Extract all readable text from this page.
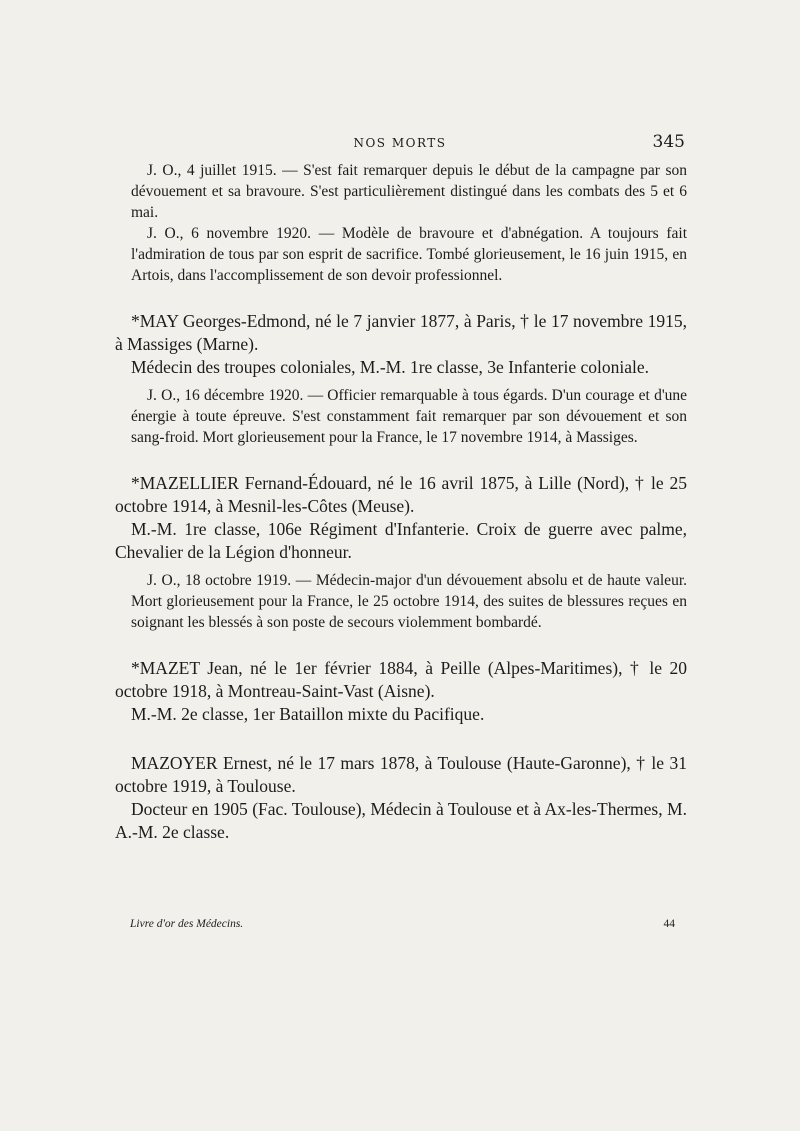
NOS MORTS	345

J. O., 4 juillet 1915. — S'est fait remarquer depuis le début de la campagne par son dévouement et sa bravoure. S'est particulièrement distingué dans les combats des 5 et 6 mai.

J. O., 6 novembre 1920. — Modèle de bravoure et d'abnégation. A toujours fait l'admiration de tous par son esprit de sacrifice. Tombé glorieusement, le 16 juin 1915, en Artois, dans l'accomplissement de son devoir professionnel.

*MAY Georges-Edmond, né le 7 janvier 1877, à Paris, † le 17 novembre 1915, à Massiges (Marne).

Médecin des troupes coloniales, M.-M. 1re classe, 3e Infanterie coloniale.

J. O., 16 décembre 1920. — Officier remarquable à tous égards. D'un courage et d'une énergie à toute épreuve. S'est constamment fait remarquer par son dévouement et son sang-froid. Mort glorieusement pour la France, le 17 novembre 1914, à Massiges.

*MAZELLIER Fernand-Édouard, né le 16 avril 1875, à Lille (Nord), † le 25 octobre 1914, à Mesnil-les-Côtes (Meuse).

M.-M. 1re classe, 106e Régiment d'Infanterie. Croix de guerre avec palme, Chevalier de la Légion d'honneur.

J. O., 18 octobre 1919. — Médecin-major d'un dévouement absolu et de haute valeur. Mort glorieusement pour la France, le 25 octobre 1914, des suites de blessures reçues en soignant les blessés à son poste de secours violemment bombardé.

*MAZET Jean, né le 1er février 1884, à Peille (Alpes-Maritimes), † le 20 octobre 1918, à Montreau-Saint-Vast (Aisne).

M.-M. 2e classe, 1er Bataillon mixte du Pacifique.

MAZOYER Ernest, né le 17 mars 1878, à Toulouse (Haute-Garonne), † le 31 octobre 1919, à Toulouse.

Docteur en 1905 (Fac. Toulouse), Médecin à Toulouse et à Ax-les-Thermes, M. A.-M. 2e classe.

Livre d'or des Médecins.	44
